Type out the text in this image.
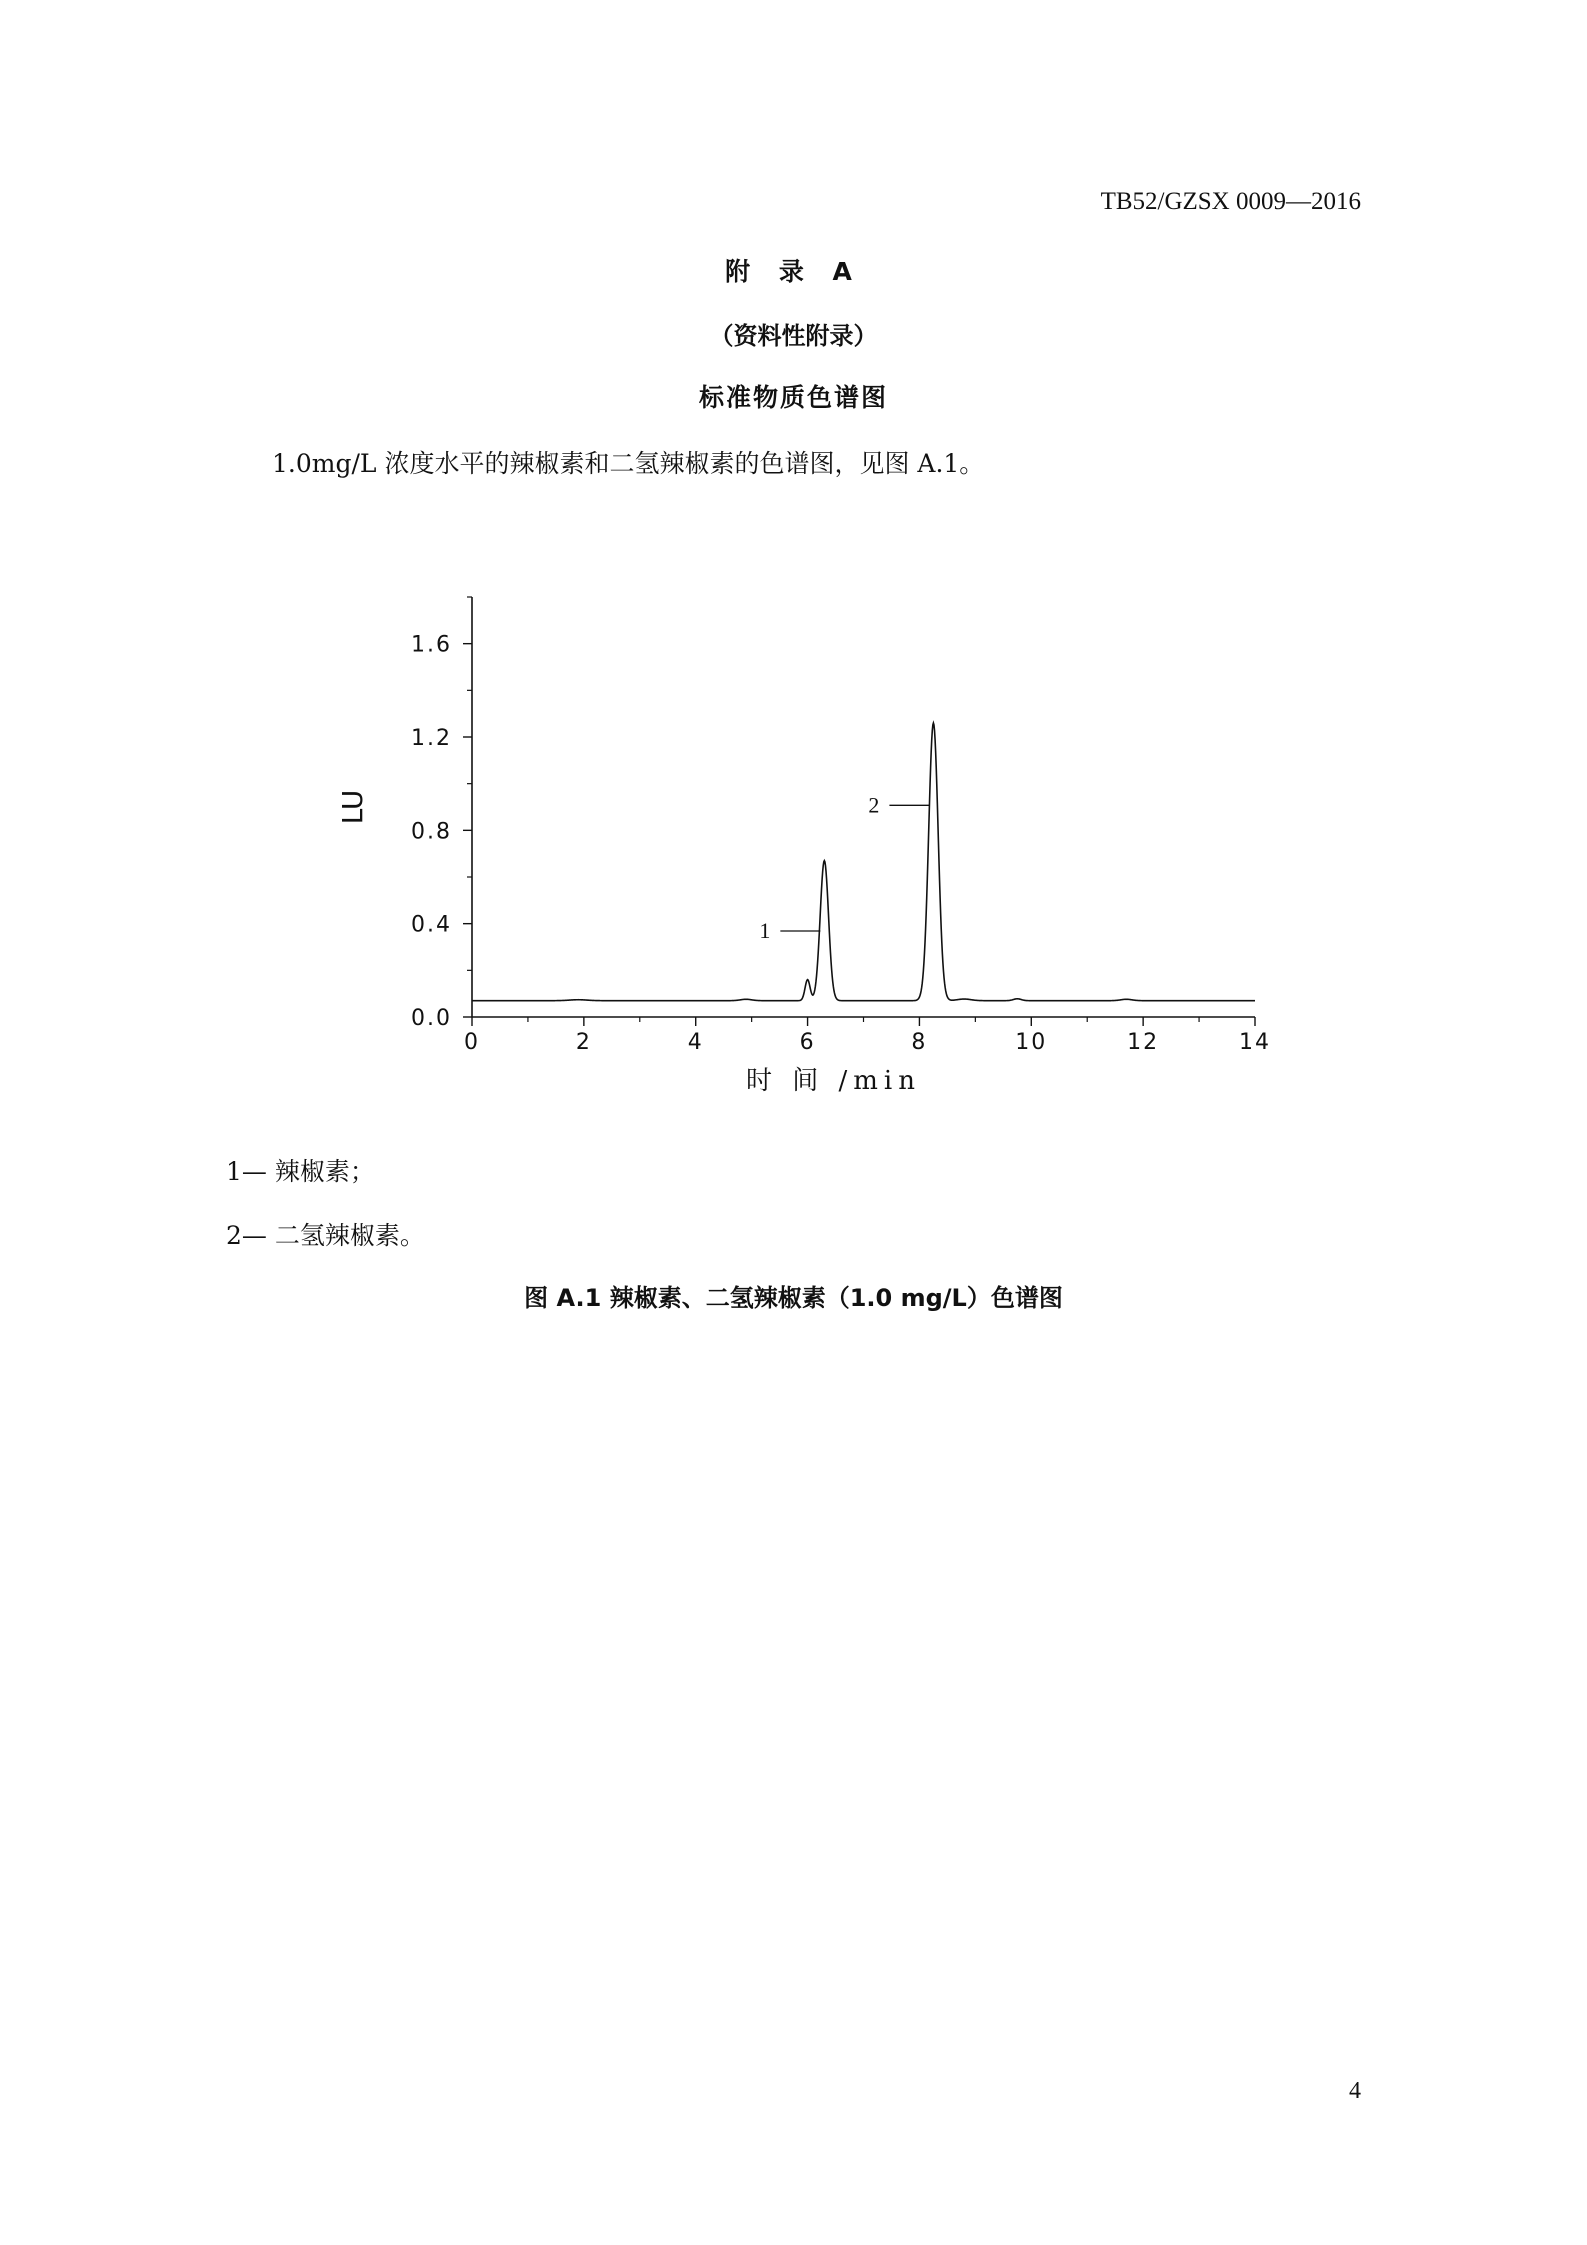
TB52/GZSX 0009—2016
附 录 A
（资料性附录）
标准物质色谱图
1.0mg/L 浓度水平的辣椒素和二氢辣椒素的色谱图，见图 A.1。
0	2	4	6	8	10	12	14
0.0
0.4
0.8
1.2
1.6
1
2
LU
时 间 /min
1— 辣椒素；
2— 二氢辣椒素。
图 A.1 辣椒素、二氢辣椒素（1.0 mg/L）色谱图
4
